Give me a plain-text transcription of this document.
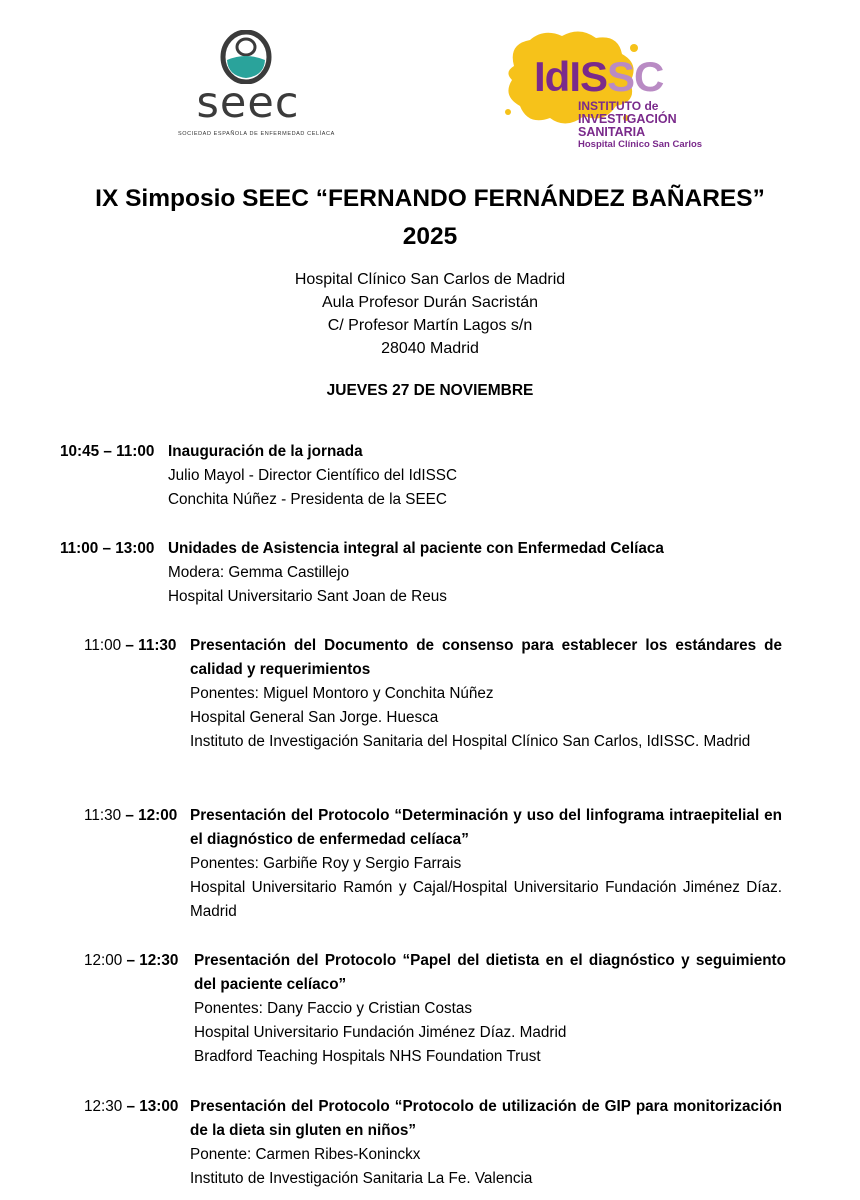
seec
SOCIEDAD ESPAÑOLA DE ENFERMEDAD CELÍACA
IdISSC
INSTITUTO de
INVESTIGACIÓN SANITARIA
Hospital Clínico San Carlos
IX Simposio SEEC “FERNANDO FERNÁNDEZ BAÑARES”
2025
Hospital Clínico San Carlos de Madrid
Aula Profesor Durán Sacristán
C/ Profesor Martín Lagos s/n
28040 Madrid
JUEVES 27 DE NOVIEMBRE
10:45 – 11:00 Inauguración de la jornada
Julio Mayol - Director Científico del IdISSC
Conchita Núñez - Presidenta de la SEEC
11:00 – 13:00 Unidades de Asistencia integral al paciente con Enfermedad Celíaca
Modera: Gemma Castillejo
Hospital Universitario Sant Joan de Reus
11:00 – 11:30 Presentación del Documento de consenso para establecer los estándares de calidad y requerimientos
Ponentes: Miguel Montoro y Conchita Núñez
Hospital General San Jorge. Huesca
Instituto de Investigación Sanitaria del Hospital Clínico San Carlos, IdISSC. Madrid
11:30 – 12:00 Presentación del Protocolo “Determinación y uso del linfograma intraepitelial en el diagnóstico de enfermedad celíaca”
Ponentes: Garbiñe Roy y Sergio Farrais
Hospital Universitario Ramón y Cajal/Hospital Universitario Fundación Jiménez Díaz. Madrid
12:00 – 12:30 Presentación del Protocolo “Papel del dietista en el diagnóstico y seguimiento del paciente celíaco”
Ponentes: Dany Faccio y Cristian Costas
Hospital Universitario Fundación Jiménez Díaz. Madrid
Bradford Teaching Hospitals NHS Foundation Trust
12:30 – 13:00 Presentación del Protocolo “Protocolo de utilización de GIP para monitorización de la dieta sin gluten en niños”
Ponente: Carmen Ribes-Koninckx
Instituto de Investigación Sanitaria La Fe. Valencia
